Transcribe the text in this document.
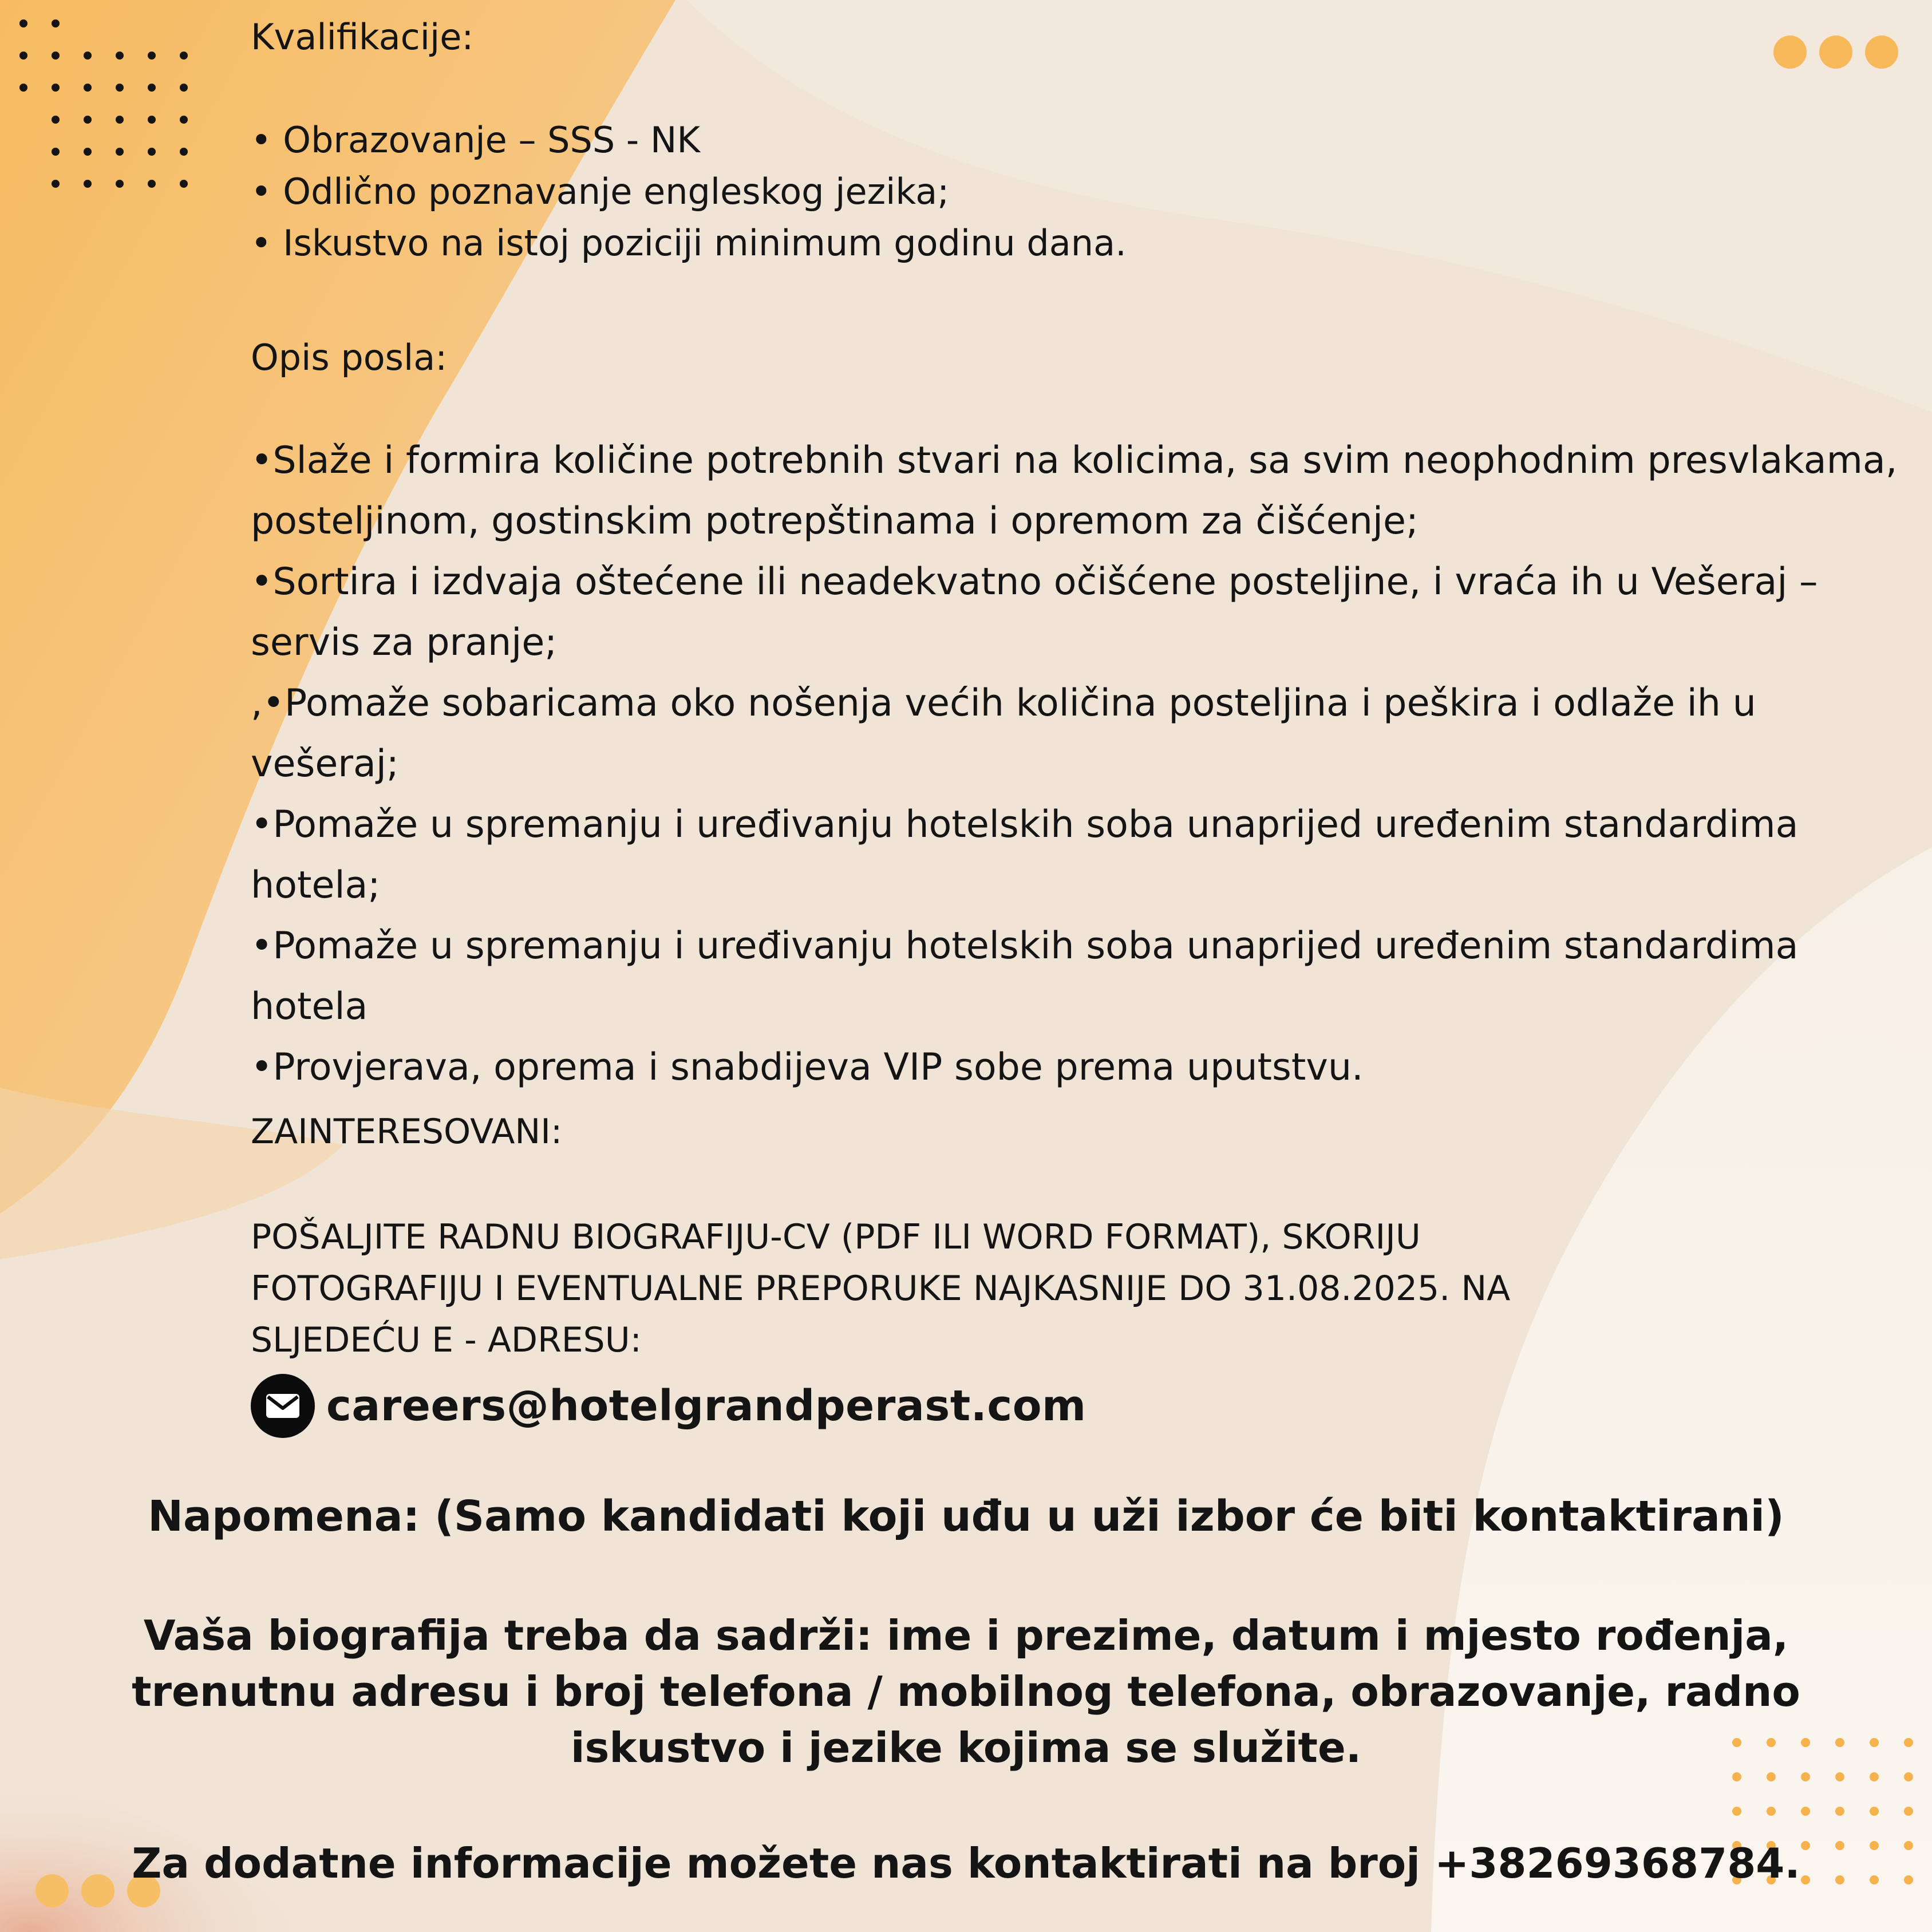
Kvalifikacije:

• Obrazovanje – SSS - NK

• Odlično poznavanje engleskog jezika;

• Iskustvo na istoj poziciji minimum godinu dana.

Opis posla:

•Slaže i formira količine potrebnih stvari na kolicima, sa svim neophodnim presvlakama, posteljinom, gostinskim potrepštinama i opremom za čišćenje;

•Sortira i izdvaja oštećene ili neadekvatno očišćene posteljine, i vraća ih u Vešeraj – servis za pranje;

,•Pomaže sobaricama oko nošenja većih količina posteljina i peškira i odlaže ih u vešeraj;

•Pomaže u spremanju i uređivanju hotelskih soba unaprijed uređenim standardima hotela;

•Pomaže u spremanju i uređivanju hotelskih soba unaprijed uređenim standardima hotela

•Provjerava, oprema i snabdijeva VIP sobe prema uputstvu.

ZAINTERESOVANI:

POŠALJITE RADNU BIOGRAFIJU-CV (PDF ILI WORD FORMAT), SKORIJU

FOTOGRAFIJU I EVENTUALNE PREPORUKE NAJKASNIJE DO 31.08.2025. NA

SLJEDEĆU E - ADRESU:

careers@hotelgrandperast.com
Napomena: (Samo kandidati koji uđu u uži izbor će biti kontaktirani)
Vaša biografija treba da sadrži: ime i prezime, datum i mjesto rođenja, trenutnu adresu i broj telefona / mobilnog telefona, obrazovanje, radno iskustvo i jezike kojima se služite.
Za dodatne informacije možete nas kontaktirati na broj +38269368784.
